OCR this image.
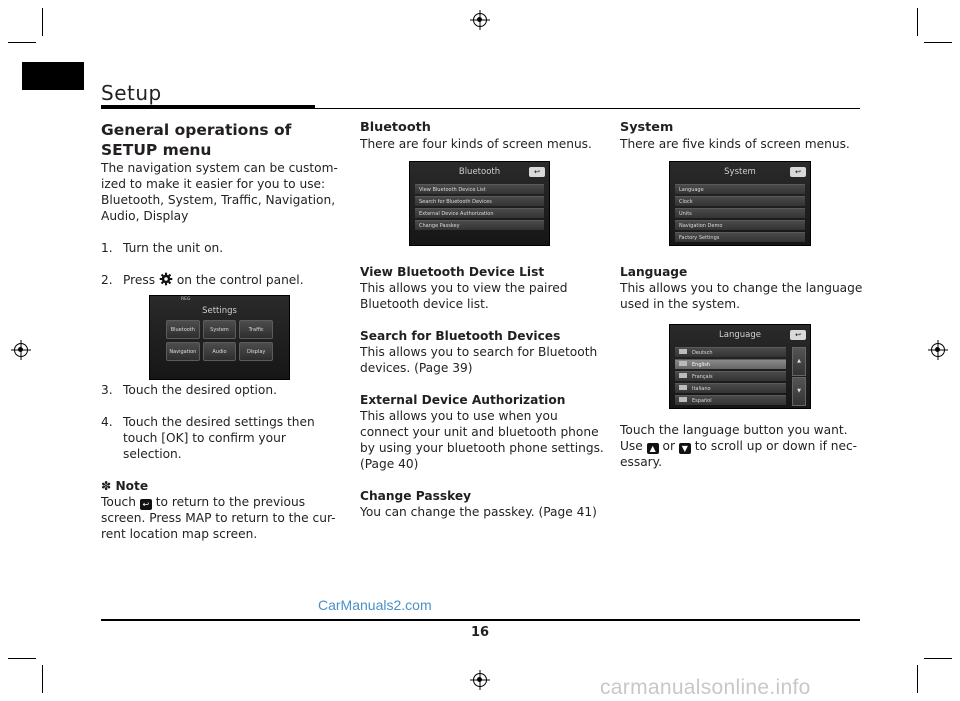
Setup
General operations of SETUP menu

The navigation system can be custom-ized to make it easier for you to use: Bluetooth, System, Traffic, Navigation, Audio, Display

1. Turn the unit on.
2. Press on the control panel.
REG
Settings
Bluetooth	System	Traffic
Navigation	Audio	Display
3. Touch the desired option.
4. Touch the desired settings then touch [OK] to confirm your selection.
✽ Note

Touch ↩ to return to the previous screen. Press MAP to return to the cur-rent location map screen.

Bluetooth

There are four kinds of screen menus.

Bluetooth	↩
View Bluetooth Device List
Search for Bluetooth Devices
External Device Authorization
Change Passkey
View Bluetooth Device List

This allows you to view the paired Bluetooth device list.

Search for Bluetooth Devices

This allows you to search for Bluetooth devices. (Page 39)

External Device Authorization

This allows you to use when you connect your unit and bluetooth phone by using your bluetooth phone settings. (Page 40)

Change Passkey

You can change the passkey. (Page 41)

System

There are five kinds of screen menus.

System	↩
Language
Clock
Units
Navigation Demo
Factory Settings
Language

This allows you to change the language used in the system.

Language	↩
Deutsch
English
Français
Italiano
Español
▲
▼

Touch the language button you want.

Use ▲ or ▼ to scroll up or down if nec-essary.

CarManuals2.com
16
carmanualsonline.info
